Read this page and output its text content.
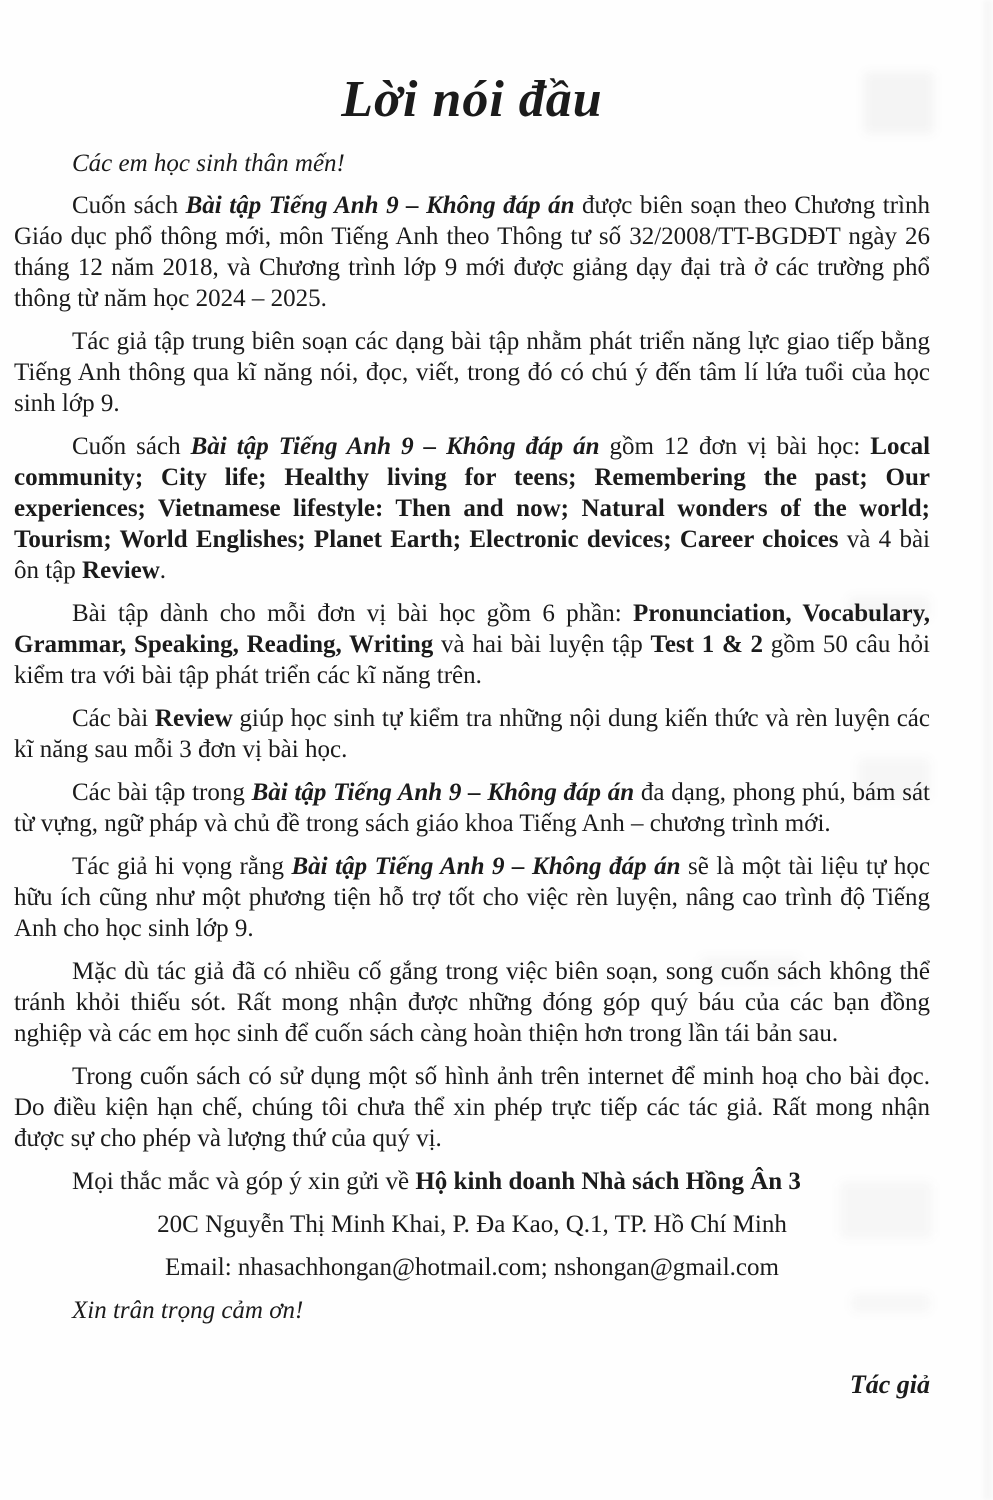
Lời nói đầu
Các em học sinh thân mến!

Cuốn sách Bài tập Tiếng Anh 9 – Không đáp án được biên soạn theo Chương trình Giáo dục phổ thông mới, môn Tiếng Anh theo Thông tư số 32/2008/TT-BGDĐT ngày 26 tháng 12 năm 2018, và Chương trình lớp 9 mới được giảng dạy đại trà ở các trường phổ thông từ năm học 2024 – 2025.

Tác giả tập trung biên soạn các dạng bài tập nhằm phát triển năng lực giao tiếp bằng Tiếng Anh thông qua kĩ năng nói, đọc, viết, trong đó có chú ý đến tâm lí lứa tuổi của học sinh lớp 9.

Cuốn sách Bài tập Tiếng Anh 9 – Không đáp án gồm 12 đơn vị bài học: Local community; City life; Healthy living for teens; Remembering the past; Our experiences; Vietnamese lifestyle: Then and now; Natural wonders of the world; Tourism; World Englishes; Planet Earth; Electronic devices; Career choices và 4 bài ôn tập Review.

Bài tập dành cho mỗi đơn vị bài học gồm 6 phần: Pronunciation, Vocabulary, Grammar, Speaking, Reading, Writing và hai bài luyện tập Test 1 & 2 gồm 50 câu hỏi kiểm tra với bài tập phát triển các kĩ năng trên.

Các bài Review giúp học sinh tự kiểm tra những nội dung kiến thức và rèn luyện các kĩ năng sau mỗi 3 đơn vị bài học.

Các bài tập trong Bài tập Tiếng Anh 9 – Không đáp án đa dạng, phong phú, bám sát từ vựng, ngữ pháp và chủ đề trong sách giáo khoa Tiếng Anh – chương trình mới.

Tác giả hi vọng rằng Bài tập Tiếng Anh 9 – Không đáp án sẽ là một tài liệu tự học hữu ích cũng như một phương tiện hỗ trợ tốt cho việc rèn luyện, nâng cao trình độ Tiếng Anh cho học sinh lớp 9.

Mặc dù tác giả đã có nhiều cố gắng trong việc biên soạn, song cuốn sách không thể tránh khỏi thiếu sót. Rất mong nhận được những đóng góp quý báu của các bạn đồng nghiệp và các em học sinh để cuốn sách càng hoàn thiện hơn trong lần tái bản sau.

Trong cuốn sách có sử dụng một số hình ảnh trên internet để minh hoạ cho bài đọc. Do điều kiện hạn chế, chúng tôi chưa thể xin phép trực tiếp các tác giả. Rất mong nhận được sự cho phép và lượng thứ của quý vị.

Mọi thắc mắc và góp ý xin gửi về Hộ kinh doanh Nhà sách Hồng Ân 3

20C Nguyễn Thị Minh Khai, P. Đa Kao, Q.1, TP. Hồ Chí Minh
Email: nhasachhongan@hotmail.com; nshongan@gmail.com
Xin trân trọng cảm ơn!
Tác giả
